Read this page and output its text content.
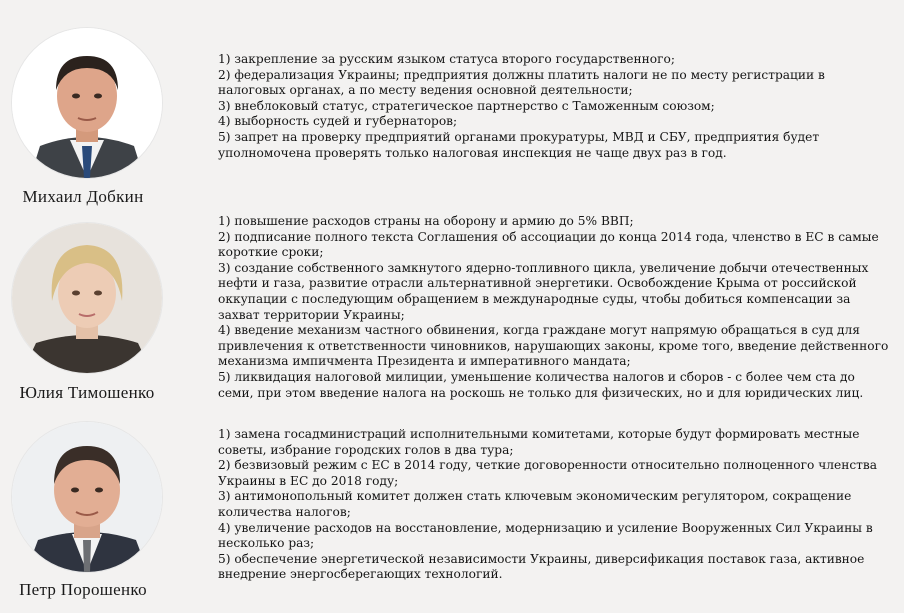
Михаил Добкин
1) закрепление за русским языком статуса второго государственного;
2) федерализация Украины; предприятия должны платить налоги не по месту регистрации в налоговых органах, а по месту ведения основной деятельности;
3) внеблоковый статус, стратегическое партнерство с Таможенным союзом;
4) выборность судей и губернаторов;
5) запрет на проверку предприятий органами прокуратуры, МВД и СБУ, предприятия будет уполномочена проверять только налоговая инспекция не чаще двух раз в год.
Юлия Тимошенко
1) повышение расходов страны на оборону и армию до 5% ВВП;
2) подписание полного текста Соглашения об ассоциации до конца 2014 года, членство в ЕС в самые короткие сроки;
3) создание собственного замкнутого ядерно-топливного цикла, увеличение добычи отечественных нефти и газа, развитие отрасли альтернативной энергетики. Освобождение Крыма от российской оккупации с последующим обращением в международные суды, чтобы добиться компенсации за захват территории Украины;
4) введение механизм частного обвинения, когда граждане могут напрямую обращаться в суд для привлечения к ответственности чиновников, нарушающих законы, кроме того, введение действенного механизма импичмента Президента и императивного мандата;
5) ликвидация налоговой милиции, уменьшение количества налогов и сборов - с более чем ста до семи, при этом введение налога на роскошь не только для физических, но и для юридических лиц.
Петр Порошенко
1) замена госадминистраций исполнительными комитетами, которые будут формировать местные советы, избрание городских голов в два тура;
2) безвизовый режим с ЕС в 2014 году, четкие договоренности относительно полноценного членства Украины в ЕС до 2018 году;
3) антимонопольный комитет должен стать ключевым экономическим регулятором, сокращение количества налогов;
4) увеличение расходов на восстановление, модернизацию и усиление Вооруженных Сил Украины в несколько раз;
5) обеспечение энергетической независимости Украины, диверсификация поставок газа, активное внедрение энергосберегающих технологий.
